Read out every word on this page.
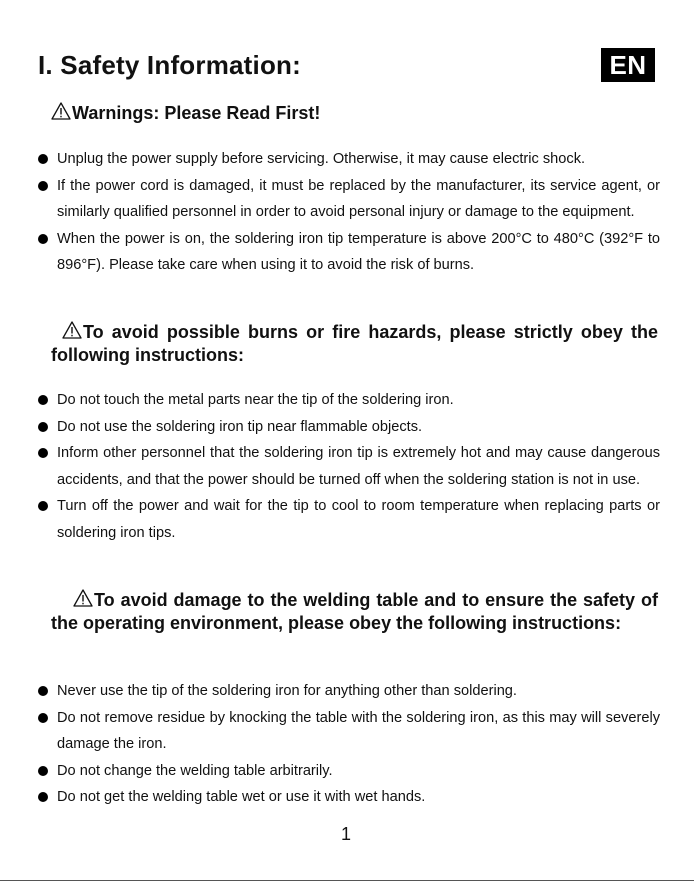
I. Safety Information:	EN
Warnings: Please Read First!
Unplug the power supply before servicing. Otherwise, it may cause electric shock.
If the power cord is damaged, it must be replaced by the manufacturer, its service agent, or similarly qualified personnel in order to avoid personal injury or damage to the equipment.
When the power is on, the soldering iron tip temperature is above 200°C to 480°C (392°F to 896°F). Please take care when using it to avoid the risk of burns.
To avoid possible burns or fire hazards, please strictly obey the following instructions:
Do not touch the metal parts near the tip of the soldering iron.
Do not use the soldering iron tip near flammable objects.
Inform other personnel that the soldering iron tip is extremely hot and may cause dangerous accidents, and that the power should be turned off when the soldering station is not in use.
Turn off the power and wait for the tip to cool to room temperature when replacing parts or soldering iron tips.
To avoid damage to the welding table and to ensure the safety of the operating environment, please obey the following instructions:
Never use the tip of the soldering iron for anything other than soldering.
Do not remove residue by knocking the table with the soldering iron, as this may will severely damage the iron.
Do not change the welding table arbitrarily.
Do not get the welding table wet or use it with wet hands.
1
